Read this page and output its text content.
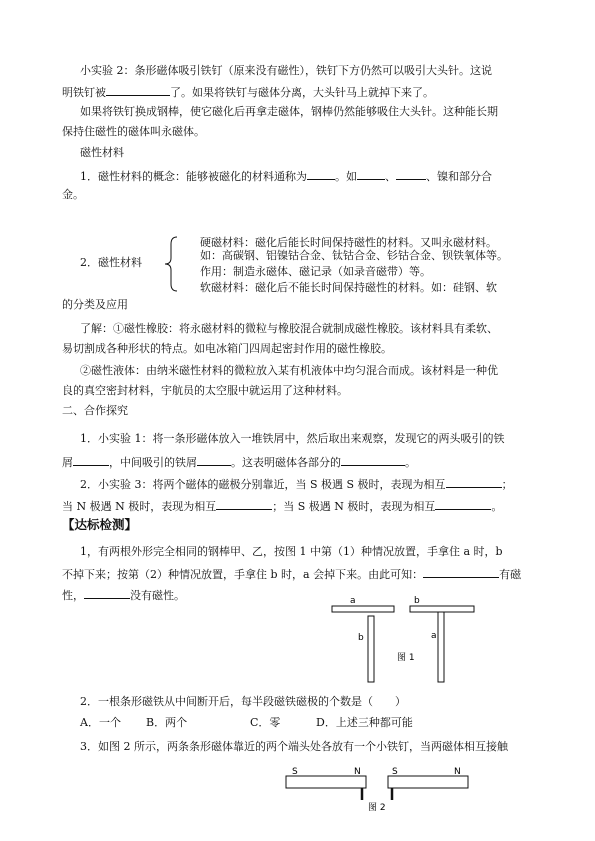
小实验 2：条形磁体吸引铁钉（原来没有磁性），铁钉下方仍然可以吸引大头针。这说
明铁钉被	了。如果将铁钉与磁体分离，大头针马上就掉下来了。
如果将铁钉换成钢棒，使它磁化后再拿走磁体，钢棒仍然能够吸住大头针。这种能长期
保持住磁性的磁体叫永磁体。
磁性材料
1．磁性材料的概念：能够被磁化的材料通称为	。如	、	、镍和部分合
金。
硬磁材料：磁化后能长时间保持磁性的材料。又叫永磁材料。
2．磁性材料
如：高碳钢、铝镍钴合金、钛钴合金、钐钴合金、钡铁氧体等。
作用：制造永磁体、磁记录（如录音磁带）等。
软磁材料：磁化后不能长时间保持磁性的材料。如：硅钢、软
的分类及应用
了解：①磁性橡胶：将永磁材料的微粒与橡胶混合就制成磁性橡胶。该材料具有柔软、
易切割成各种形状的特点。如电冰箱门四周起密封作用的磁性橡胶。
②磁性液体：由纳米磁性材料的微粒放入某有机液体中均匀混合而成。该材料是一种优
良的真空密封材料，宇航员的太空服中就运用了这种材料。
二、合作探究
1．小实验 1：将一条形磁体放入一堆铁屑中，然后取出来观察，发现它的两头吸引的铁
屑	，中间吸引的铁屑	。这表明磁体各部分的	。
2．小实验 3：将两个磁体的磁极分别靠近，当 S 极遇 S 极时，表现为相互	；
当 N 极遇 N 极时，表现为相互	；当 S 极遇 N 极时，表现为相互	。
【达标检测】
1，有两根外形完全相同的钢棒甲、乙，按图 1 中第（1）种情况放置，手拿住 a 时，b
不掉下来；按第（2）种情况放置，手拿住 b 时，a 会掉下来。由此可知：	有磁
性，	没有磁性。	a
b
b
a
图 1
2．一根条形磁铁从中间断开后，每半段磁铁磁极的个数是（　　）
A．一个 B．两个	C．零	D．上述三种都可能
3．如图 2 所示，两条条形磁体靠近的两个端头处各放有一个小铁钉，当两磁体相互接触
S	N	S	N
图 2
